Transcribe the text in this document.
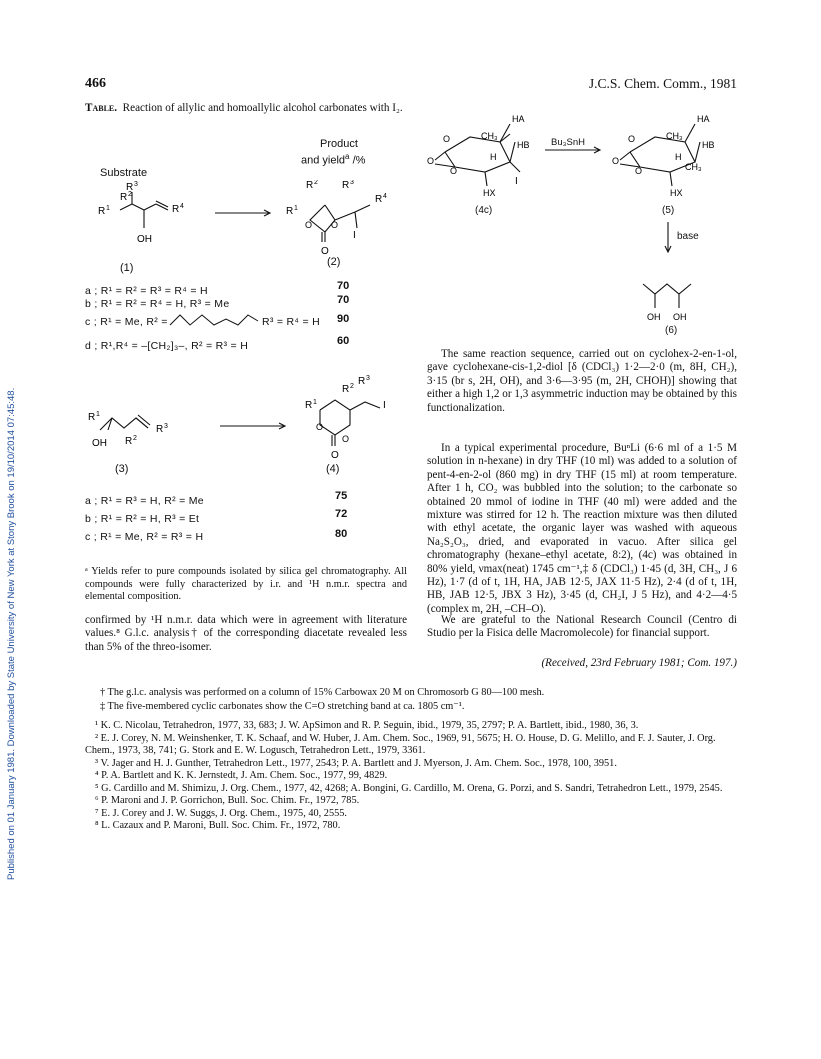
Published on 01 January 1981. Downloaded by State University of New York at Stony Brook on 19/10/2014 07:45:48.
466	J.C.S. Chem. Comm., 1981
Table. Reaction of allylic and homoallylic alcohol carbonates with I₂.
Substrate
Product
and yield$^a$ /%
R 1
R 2
R 3
R 4
OH
R 1
R 2 R 3
R 4
O O
O
I
(1)	(2)
a ; R¹ = R² = R³ = R⁴ = H	70
b ; R¹ = R² = R⁴ = H, R³ = Me	70
c ; R¹ = Me, R² =	R³ = R⁴ = H 90
d ; R¹,R⁴ = –[CH₂]₃–, R² = R³ = H	60
R 1
OH R 2
R 3
R 1
R 2 R 3
I
O
O
O
(3)	(4)
a ; R¹ = R³ = H, R² = Me	75
b ; R¹ = R² = H, R³ = Et	72
c ; R¹ = Me, R² = R³ = H	80
ᵃ Yields refer to pure compounds isolated by silica gel chromatography. All compounds were fully characterized by i.r. and ¹H n.m.r. spectra and elemental composition.
confirmed by ¹H n.m.r. data which were in agreement with literature values.⁸ G.l.c. analysis† of the corresponding diacetate revealed less than 5% of the threo-isomer.
O
O
O
CH₃
HA
HB
H
I
HX
O
O
O
CH₃
HA
HB
H
CH₃
HX
OH OH
Bu₃SnH
(4c)	(5)
base
(6)
The same reaction sequence, carried out on cyclohex-2-en-1-ol, gave cyclohexane-cis-1,2-diol [δ (CDCl₃) 1·2—2·0 (m, 8H, CH₂), 3·15 (br s, 2H, OH), and 3·6—3·95 (m, 2H, CHOH)] showing that either a high 1,2 or 1,3 asymmetric induction may be obtained by this functionalization.
In a typical experimental procedure, BuⁿLi (6·6 ml of a 1·5 M solution in n-hexane) in dry THF (10 ml) was added to a solution of pent-4-en-2-ol (860 mg) in dry THF (15 ml) at room temperature. After 1 h, CO₂ was bubbled into the solution; to the carbonate so obtained 20 mmol of iodine in THF (40 ml) were added and the mixture was stirred for 12 h. The reaction mixture was then diluted with ethyl acetate, the organic layer was washed with aqueous Na₂S₂O₃, dried, and evaporated in vacuo. After silica gel chromatography (hexane–ethyl acetate, 8:2), (4c) was obtained in 80% yield, νmax(neat) 1745 cm⁻¹,‡ δ (CDCl₃) 1·45 (d, 3H, CH₃, J 6 Hz), 1·7 (d of t, 1H, HA, JAB 12·5, JAX 11·5 Hz), 2·4 (d of t, 1H, HB, JAB 12·5, JBX 3 Hz), 3·45 (d, CH₂I, J 5 Hz), and 4·2—4·5 (complex m, 2H, –CH–O).
We are grateful to the National Research Council (Centro di Studio per la Fisica delle Macromolecole) for financial support.
(Received, 23rd February 1981; Com. 197.)
† The g.l.c. analysis was performed on a column of 15% Carbowax 20 M on Chromosorb G 80—100 mesh.
‡ The five-membered cyclic carbonates show the C=O stretching band at ca. 1805 cm⁻¹.
¹ K. C. Nicolau, Tetrahedron, 1977, 33, 683; J. W. ApSimon and R. P. Seguin, ibid., 1979, 35, 2797; P. A. Bartlett, ibid., 1980, 36, 3.
² E. J. Corey, N. M. Weinshenker, T. K. Schaaf, and W. Huber, J. Am. Chem. Soc., 1969, 91, 5675; H. O. House, D. G. Melillo, and F. J. Sauter, J. Org. Chem., 1973, 38, 741; G. Stork and E. W. Logusch, Tetrahedron Lett., 1979, 3361.
³ V. Jager and H. J. Gunther, Tetrahedron Lett., 1977, 2543; P. A. Bartlett and J. Myerson, J. Am. Chem. Soc., 1978, 100, 3951.
⁴ P. A. Bartlett and K. K. Jernstedt, J. Am. Chem. Soc., 1977, 99, 4829.
⁵ G. Cardillo and M. Shimizu, J. Org. Chem., 1977, 42, 4268; A. Bongini, G. Cardillo, M. Orena, G. Porzi, and S. Sandri, Tetrahedron Lett., 1979, 2545.
⁶ P. Maroni and J. P. Gorrichon, Bull. Soc. Chim. Fr., 1972, 785.
⁷ E. J. Corey and J. W. Suggs, J. Org. Chem., 1975, 40, 2555.
⁸ L. Cazaux and P. Maroni, Bull. Soc. Chim. Fr., 1972, 780.
